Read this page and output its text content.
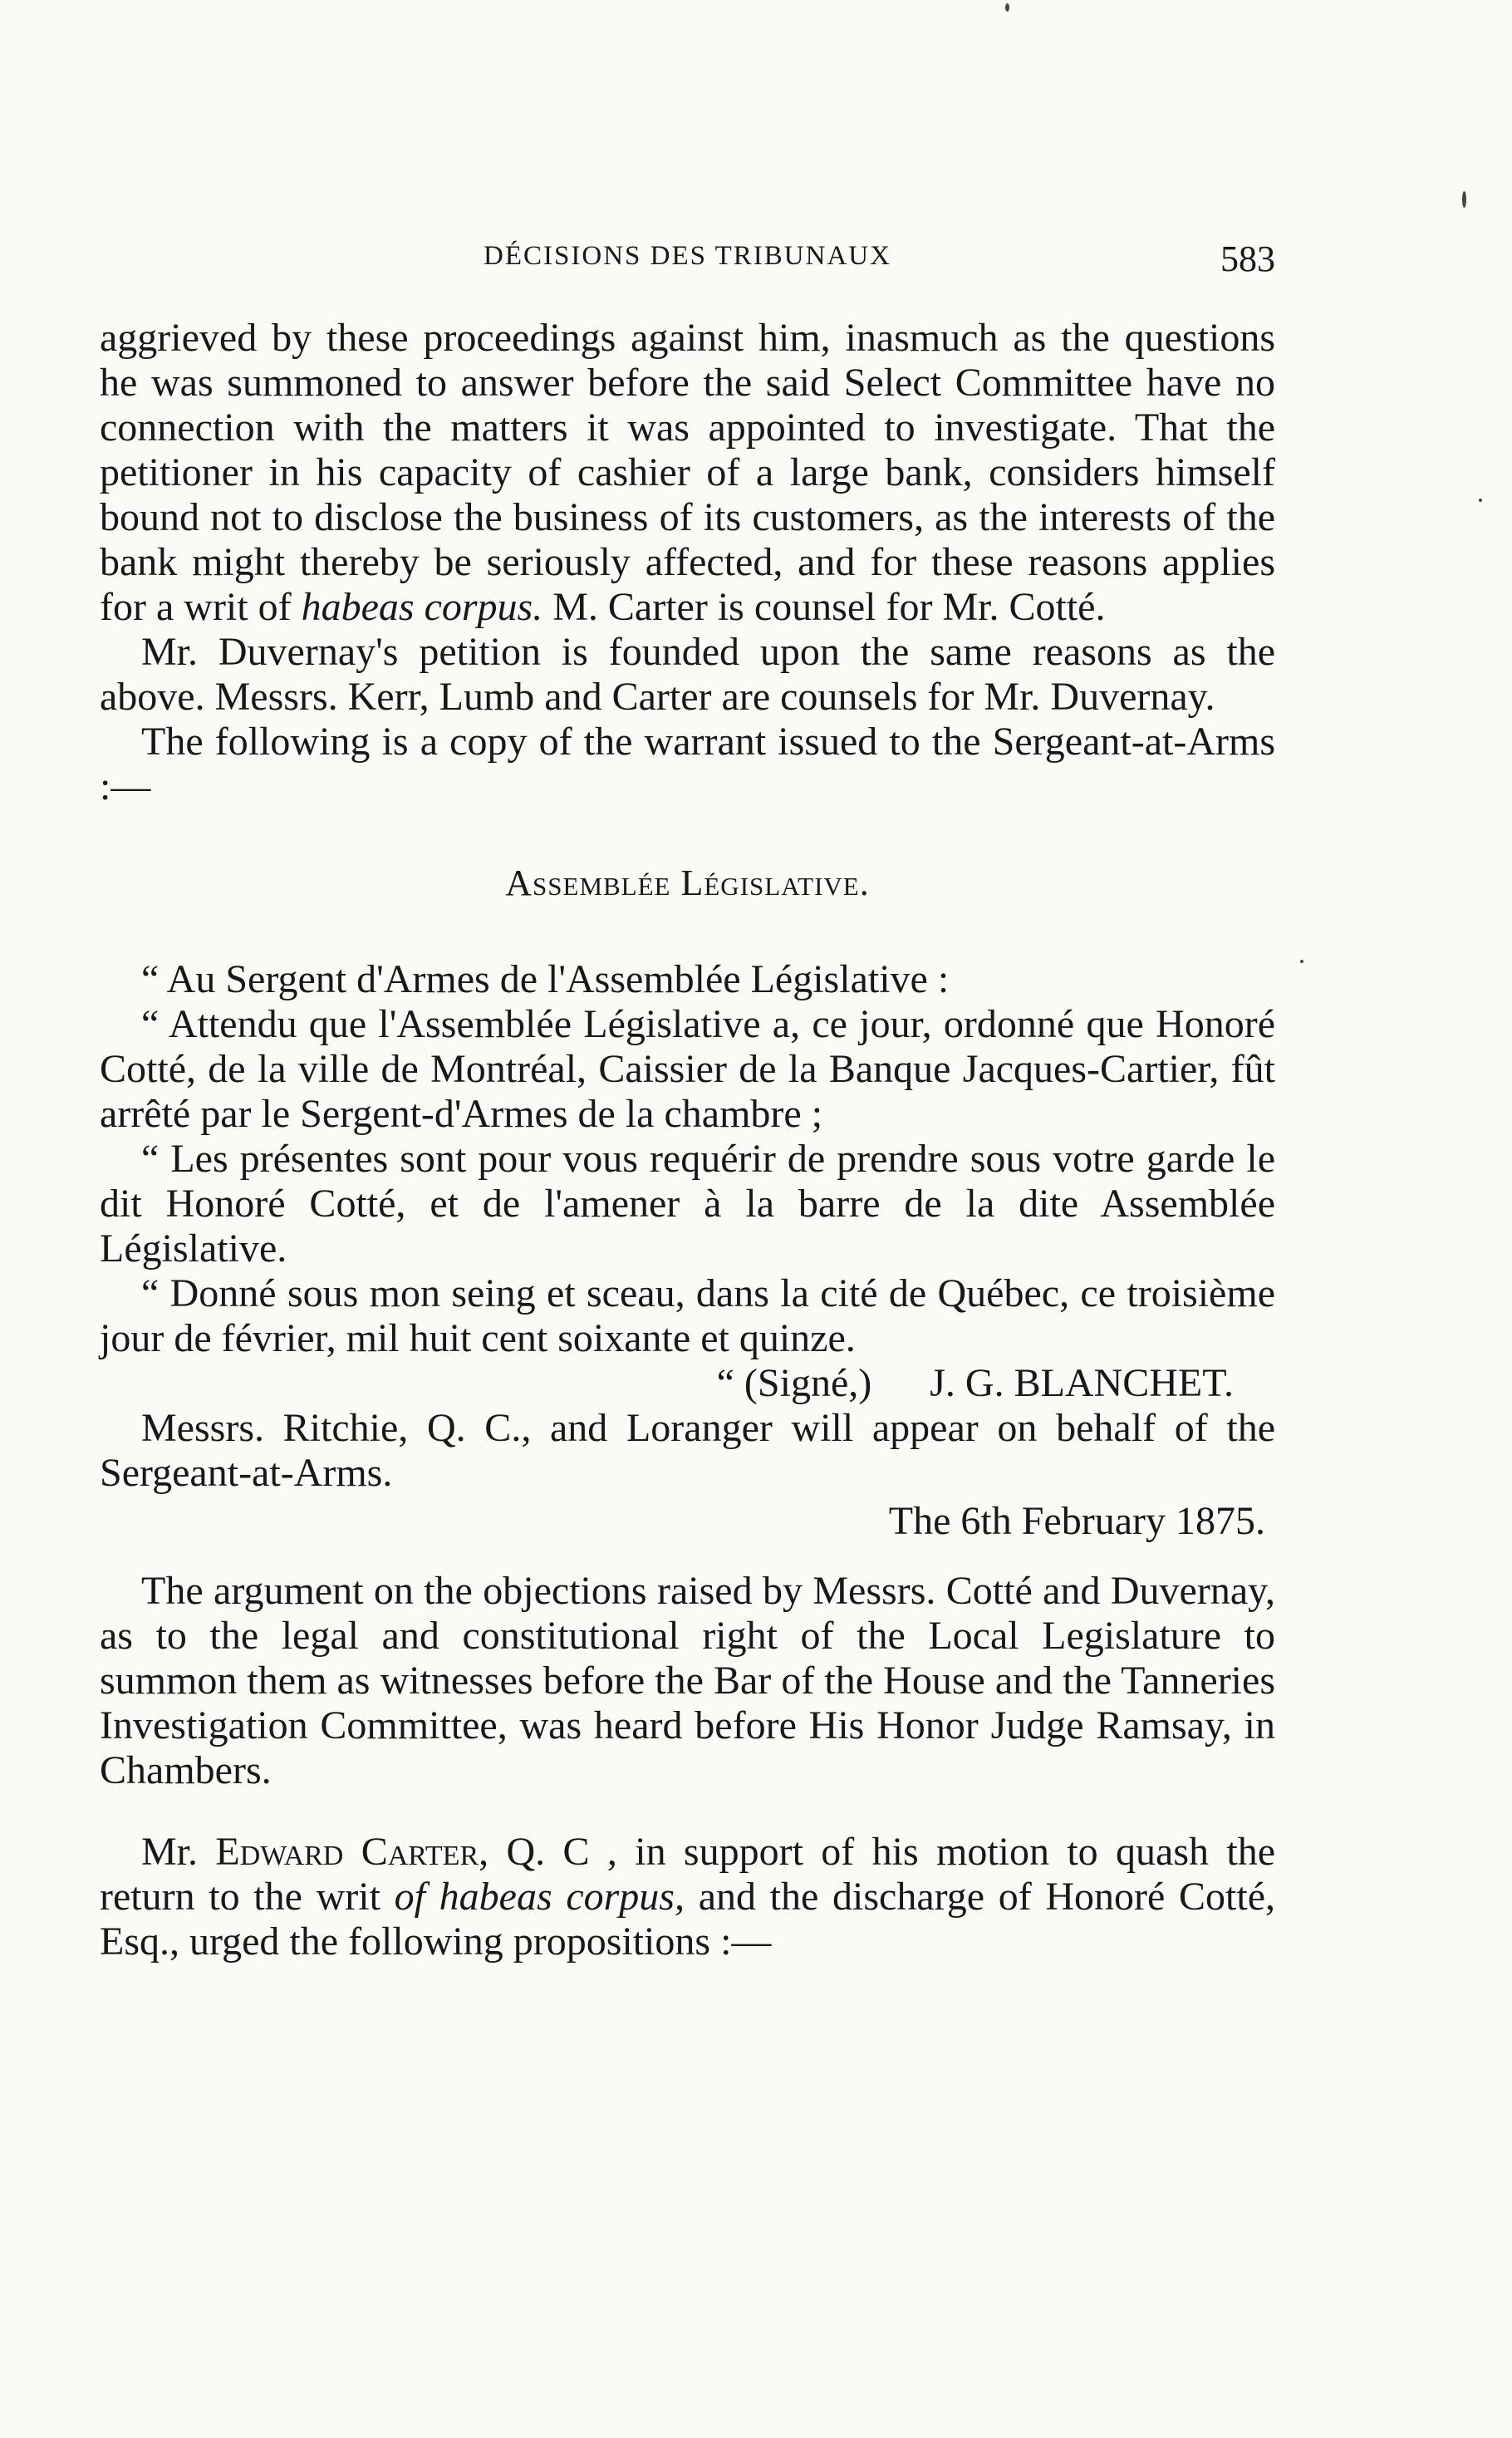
DÉCISIONS DES TRIBUNAUX	583

aggrieved by these proceedings against him, inasmuch as the questions he was summoned to answer before the said Select Committee have no connection with the matters it was appointed to investigate. That the petitioner in his capacity of cashier of a large bank, considers himself bound not to disclose the business of its customers, as the interests of the bank might thereby be seriously affected, and for these reasons applies for a writ of habeas corpus. M. Carter is counsel for Mr. Cotté.

Mr. Duvernay's petition is founded upon the same reasons as the above. Messrs. Kerr, Lumb and Carter are counsels for Mr. Duvernay.

The following is a copy of the warrant issued to the Sergeant-at-Arms :—

Assemblée Législative.

“ Au Sergent d'Armes de l'Assemblée Législative :

“ Attendu que l'Assemblée Législative a, ce jour, ordonné que Honoré Cotté, de la ville de Montréal, Caissier de la Banque Jacques-Cartier, fût arrêté par le Sergent-d'Armes de la chambre ;

“ Les présentes sont pour vous requérir de prendre sous votre garde le dit Honoré Cotté, et de l'amener à la barre de la dite Assemblée Législative.

“ Donné sous mon seing et sceau, dans la cité de Québec, ce troisième jour de février, mil huit cent soixante et quinze.

“ (Signé,) J. G. BLANCHET.

Messrs. Ritchie, Q. C., and Loranger will appear on behalf of the Sergeant-at-Arms.

The 6th February 1875.

The argument on the objections raised by Messrs. Cotté and Duvernay, as to the legal and constitutional right of the Local Legislature to summon them as witnesses before the Bar of the House and the Tanneries Investigation Committee, was heard before His Honor Judge Ramsay, in Chambers.

Mr. Edward Carter, Q. C , in support of his motion to quash the return to the writ of habeas corpus, and the discharge of Honoré Cotté, Esq., urged the following propositions :—
